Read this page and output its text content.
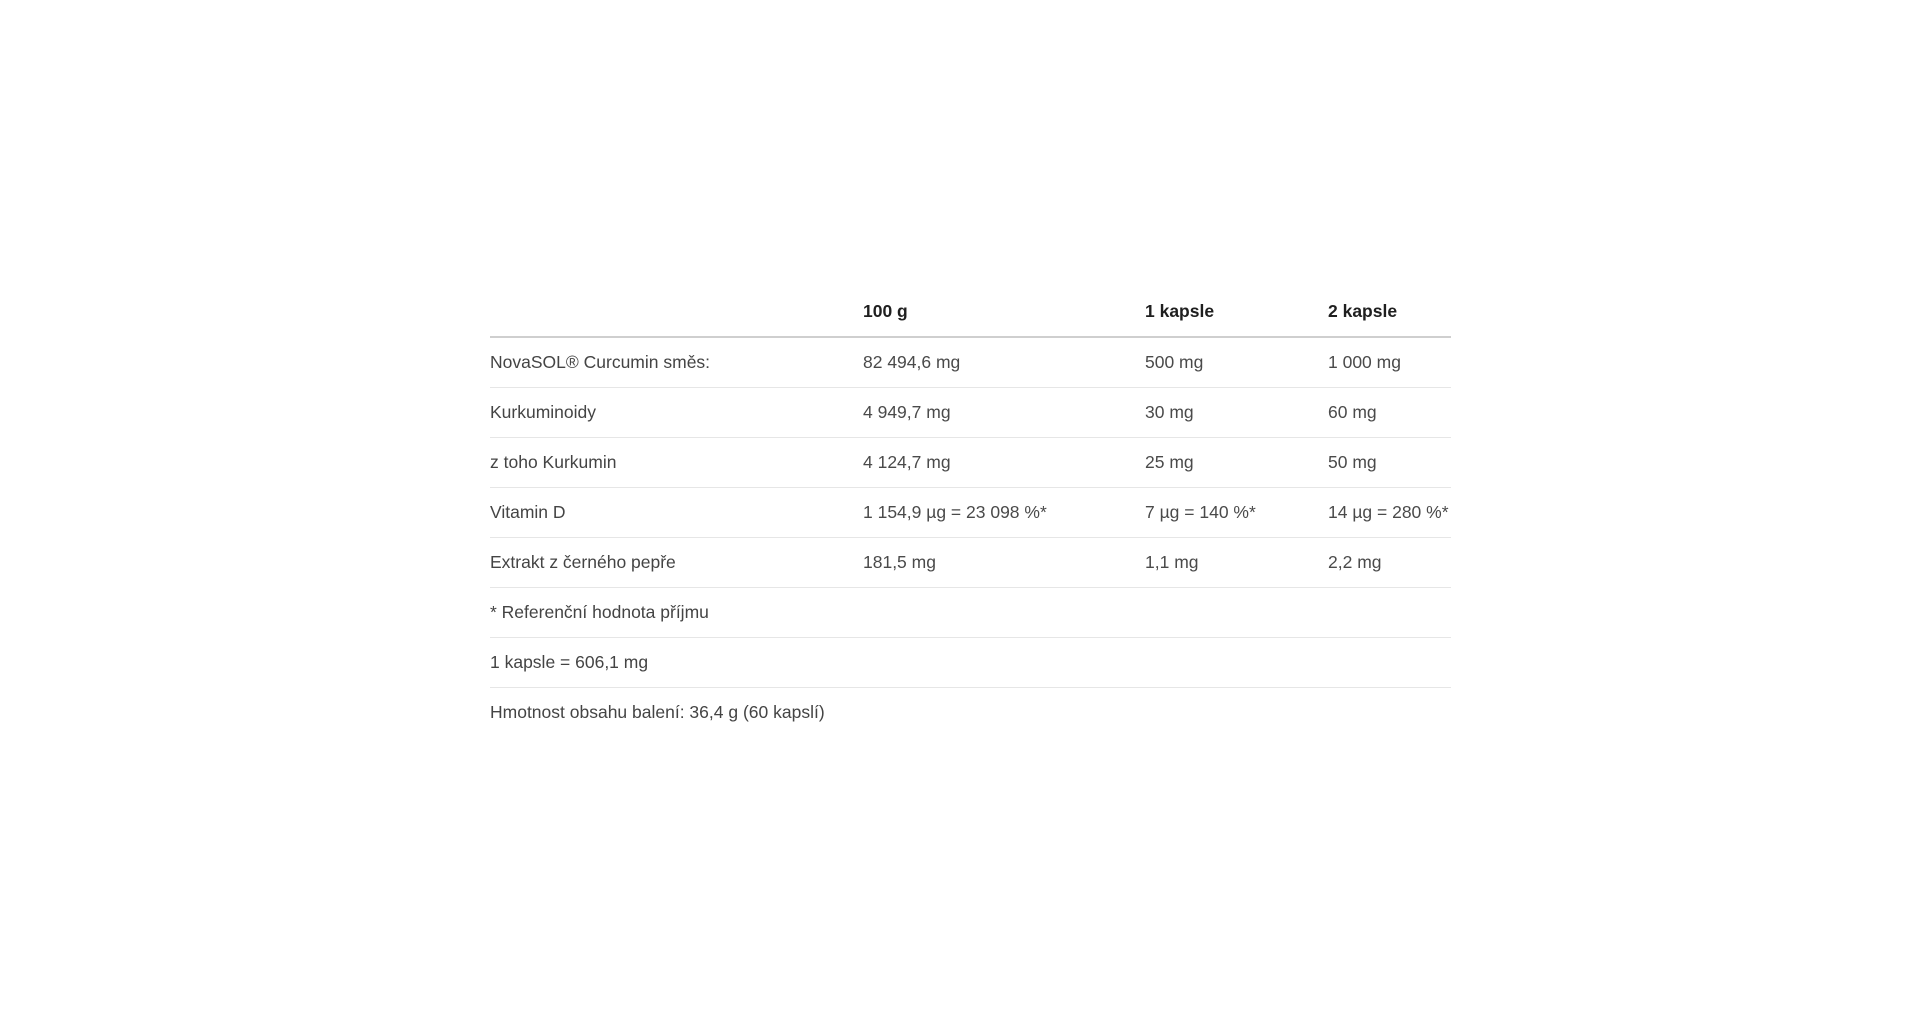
	100 g	1 kapsle	2 kapsle
NovaSOL® Curcumin směs:	82 494,6 mg	500 mg	1 000 mg
Kurkuminoidy	4 949,7 mg	30 mg	60 mg
z toho Kurkumin	4 124,7 mg	25 mg	50 mg
Vitamin D	1 154,9 µg = 23 098 %*	7 µg = 140 %*	14 µg = 280 %*
Extrakt z černého pepře	181,5 mg	1,1 mg	2,2 mg
* Referenční hodnota příjmu			
1 kapsle = 606,1 mg			
Hmotnost obsahu balení: 36,4 g (60 kapslí)			
